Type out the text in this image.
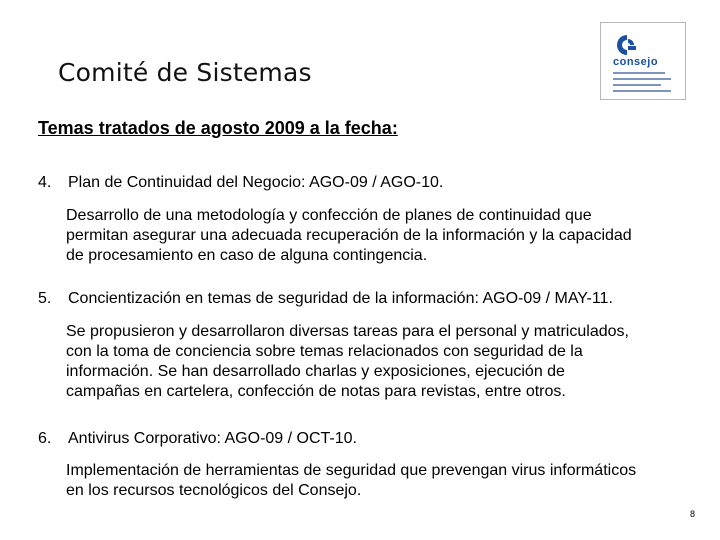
Comité de Sistemas	consejo
Temas tratados de agosto 2009 a la fecha:
4. Plan de Continuidad del Negocio: AGO-09 / AGO-10.
Desarrollo de una metodología y confección de planes de continuidad que
permitan asegurar una adecuada recuperación de la información y la capacidad
de procesamiento en caso de alguna contingencia.
5. Concientización en temas de seguridad de la información: AGO-09 / MAY-11.
Se propusieron y desarrollaron diversas tareas para el personal y matriculados,
con la toma de conciencia sobre temas relacionados con seguridad de la
información. Se han desarrollado charlas y exposiciones, ejecución de
campañas en cartelera, confección de notas para revistas, entre otros.
6. Antivirus Corporativo: AGO-09 / OCT-10.
Implementación de herramientas de seguridad que prevengan virus informáticos
en los recursos tecnológicos del Consejo.
8
